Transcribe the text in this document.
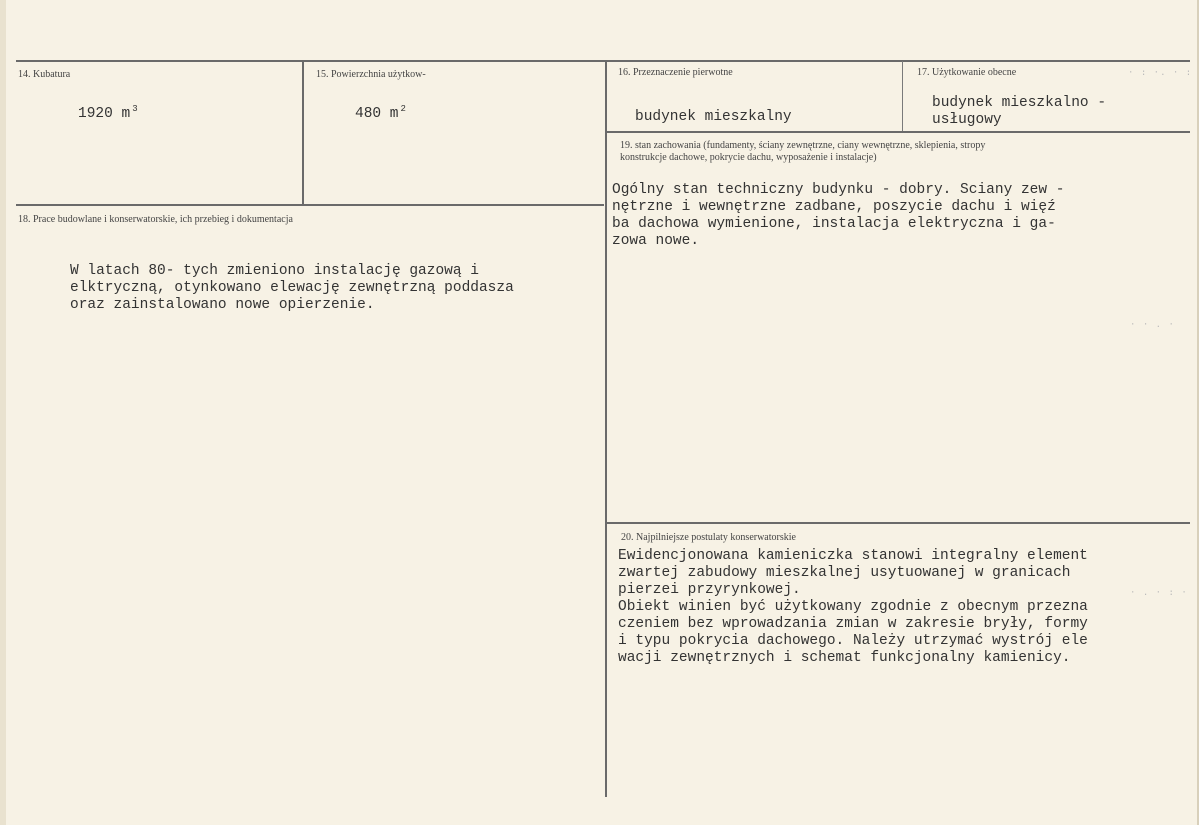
14. Kubatura
1920 m $^3$
15. Powierzchnia użytkow-
480 m $^2$
16. Przeznaczenie pierwotne
budynek mieszkalny
17. Użytkowanie obecne
budynek mieszkalno -
usługowy
18. Prace budowlane i konserwatorskie, ich przebieg i dokumentacja
W latach 80- tych zmieniono instalację gazową i
elktryczną, otynkowano elewację zewnętrzną poddasza
oraz zainstalowano nowe opierzenie.
19. stan zachowania (fundamenty, ściany zewnętrzne, ciany wewnętrzne, sklepienia, stropy
konstrukcje dachowe, pokrycie dachu, wyposażenie i instalacje)
Ogólny stan techniczny budynku - dobry. Sciany zew -
nętrzne i wewnętrzne zadbane, poszycie dachu i więź
ba dachowa wymienione, instalacja elektryczna i ga-
zowa nowe.
20. Najpilniejsze postulaty konserwatorskie
Ewidencjonowana kamieniczka stanowi integralny element
zwartej zabudowy mieszkalnej usytuowanej w granicach
pierzei przyrynkowej.
Obiekt winien być użytkowany zgodnie z obecnym przezna
czeniem bez wprowadzania zmian w zakresie bryły, formy
i typu pokrycia dachowego. Należy utrzymać wystrój ele
wacji zewnętrznych i schemat funkcjonalny kamienicy.
· : ·. · :
· · . ·
· . · : ·
